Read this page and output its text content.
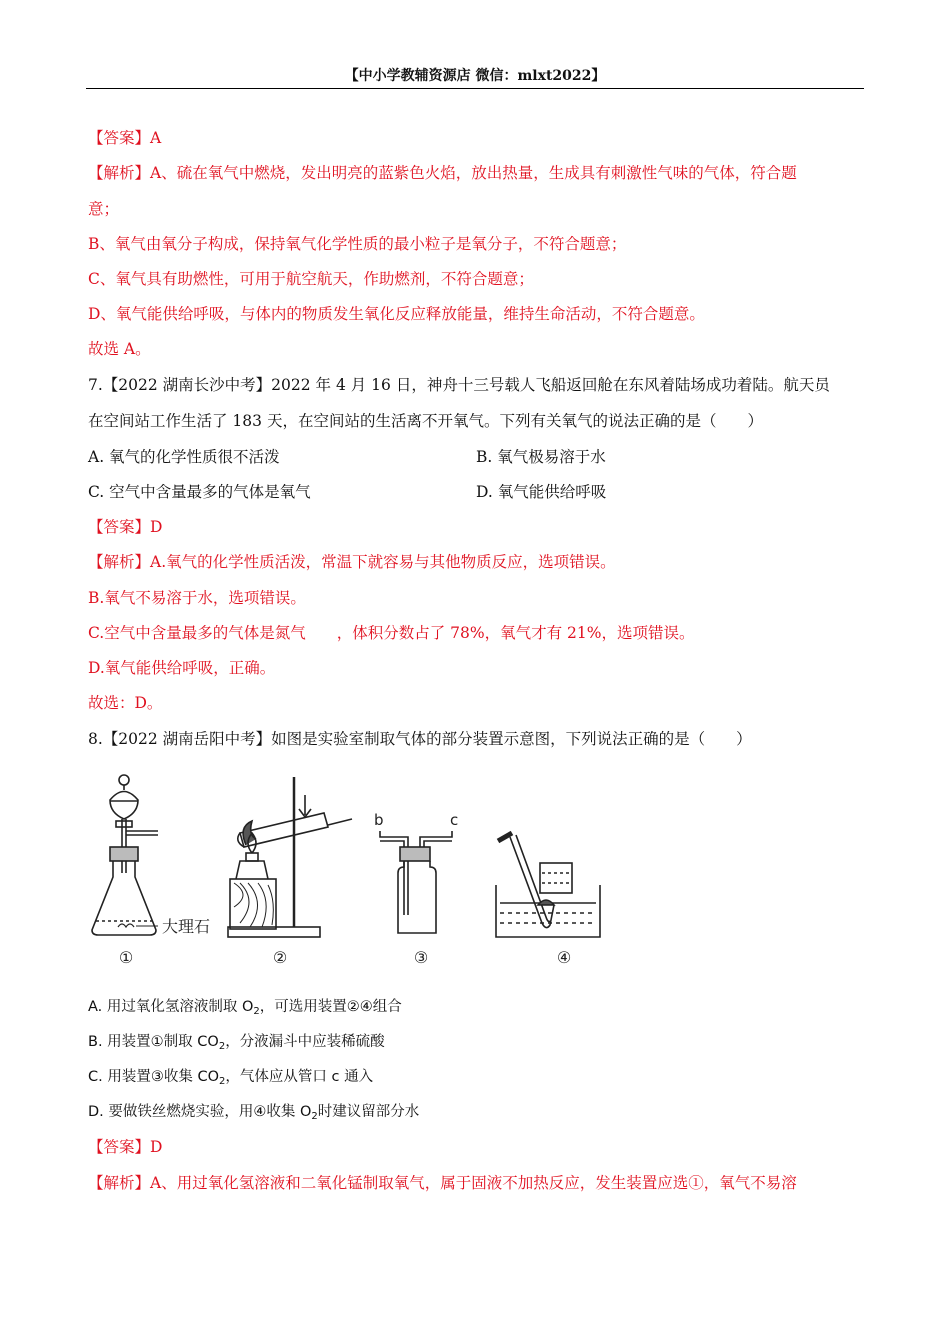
【中小学教辅资源店 微信：mlxt2022】
【答案】A
【解析】A、硫在氧气中燃烧，发出明亮的蓝紫色火焰，放出热量，生成具有刺激性气味的气体，符合题
意；
B、氧气由氧分子构成，保持氧气化学性质的最小粒子是氧分子，不符合题意；
C、氧气具有助燃性，可用于航空航天，作助燃剂，不符合题意；
D、氧气能供给呼吸，与体内的物质发生氧化反应释放能量，维持生命活动，不符合题意。
故选 A。
7.【2022 湖南长沙中考】2022 年 4 月 16 日，神舟十三号载人飞船返回舱在东风着陆场成功着陆。航天员
在空间站工作生活了 183 天，在空间站的生活离不开氧气。下列有关氧气的说法正确的是（　　）
A. 氧气的化学性质很不活泼	B. 氧气极易溶于水
C. 空气中含量最多的气体是氧气	D. 氧气能供给呼吸
【答案】D
【解析】A.氧气的化学性质活泼，常温下就容易与其他物质反应，选项错误。
B.氧气不易溶于水，选项错误。
C.空气中含量最多的气体是氮气　　，体积分数占了 78%，氧气才有 21%，选项错误。
D.氧气能供给呼吸，正确。
故选：D。
8.【2022 湖南岳阳中考】如图是实验室制取气体的部分装置示意图，下列说法正确的是（　　）
大理石
b	c
①	②	③	④
A. 用过氧化氢溶液制取 $O_2$，可选用装置②④组合
B. 用装置①制取 $CO_2$，分液漏斗中应装稀硫酸
C. 用装置③收集 $CO_2$，气体应从管口 c 通入
D. 要做铁丝燃烧实验，用④收集 $O_2$时建议留部分水
【答案】D
【解析】A、用过氧化氢溶液和二氧化锰制取氧气，属于固液不加热反应，发生装置应选①，氧气不易溶
